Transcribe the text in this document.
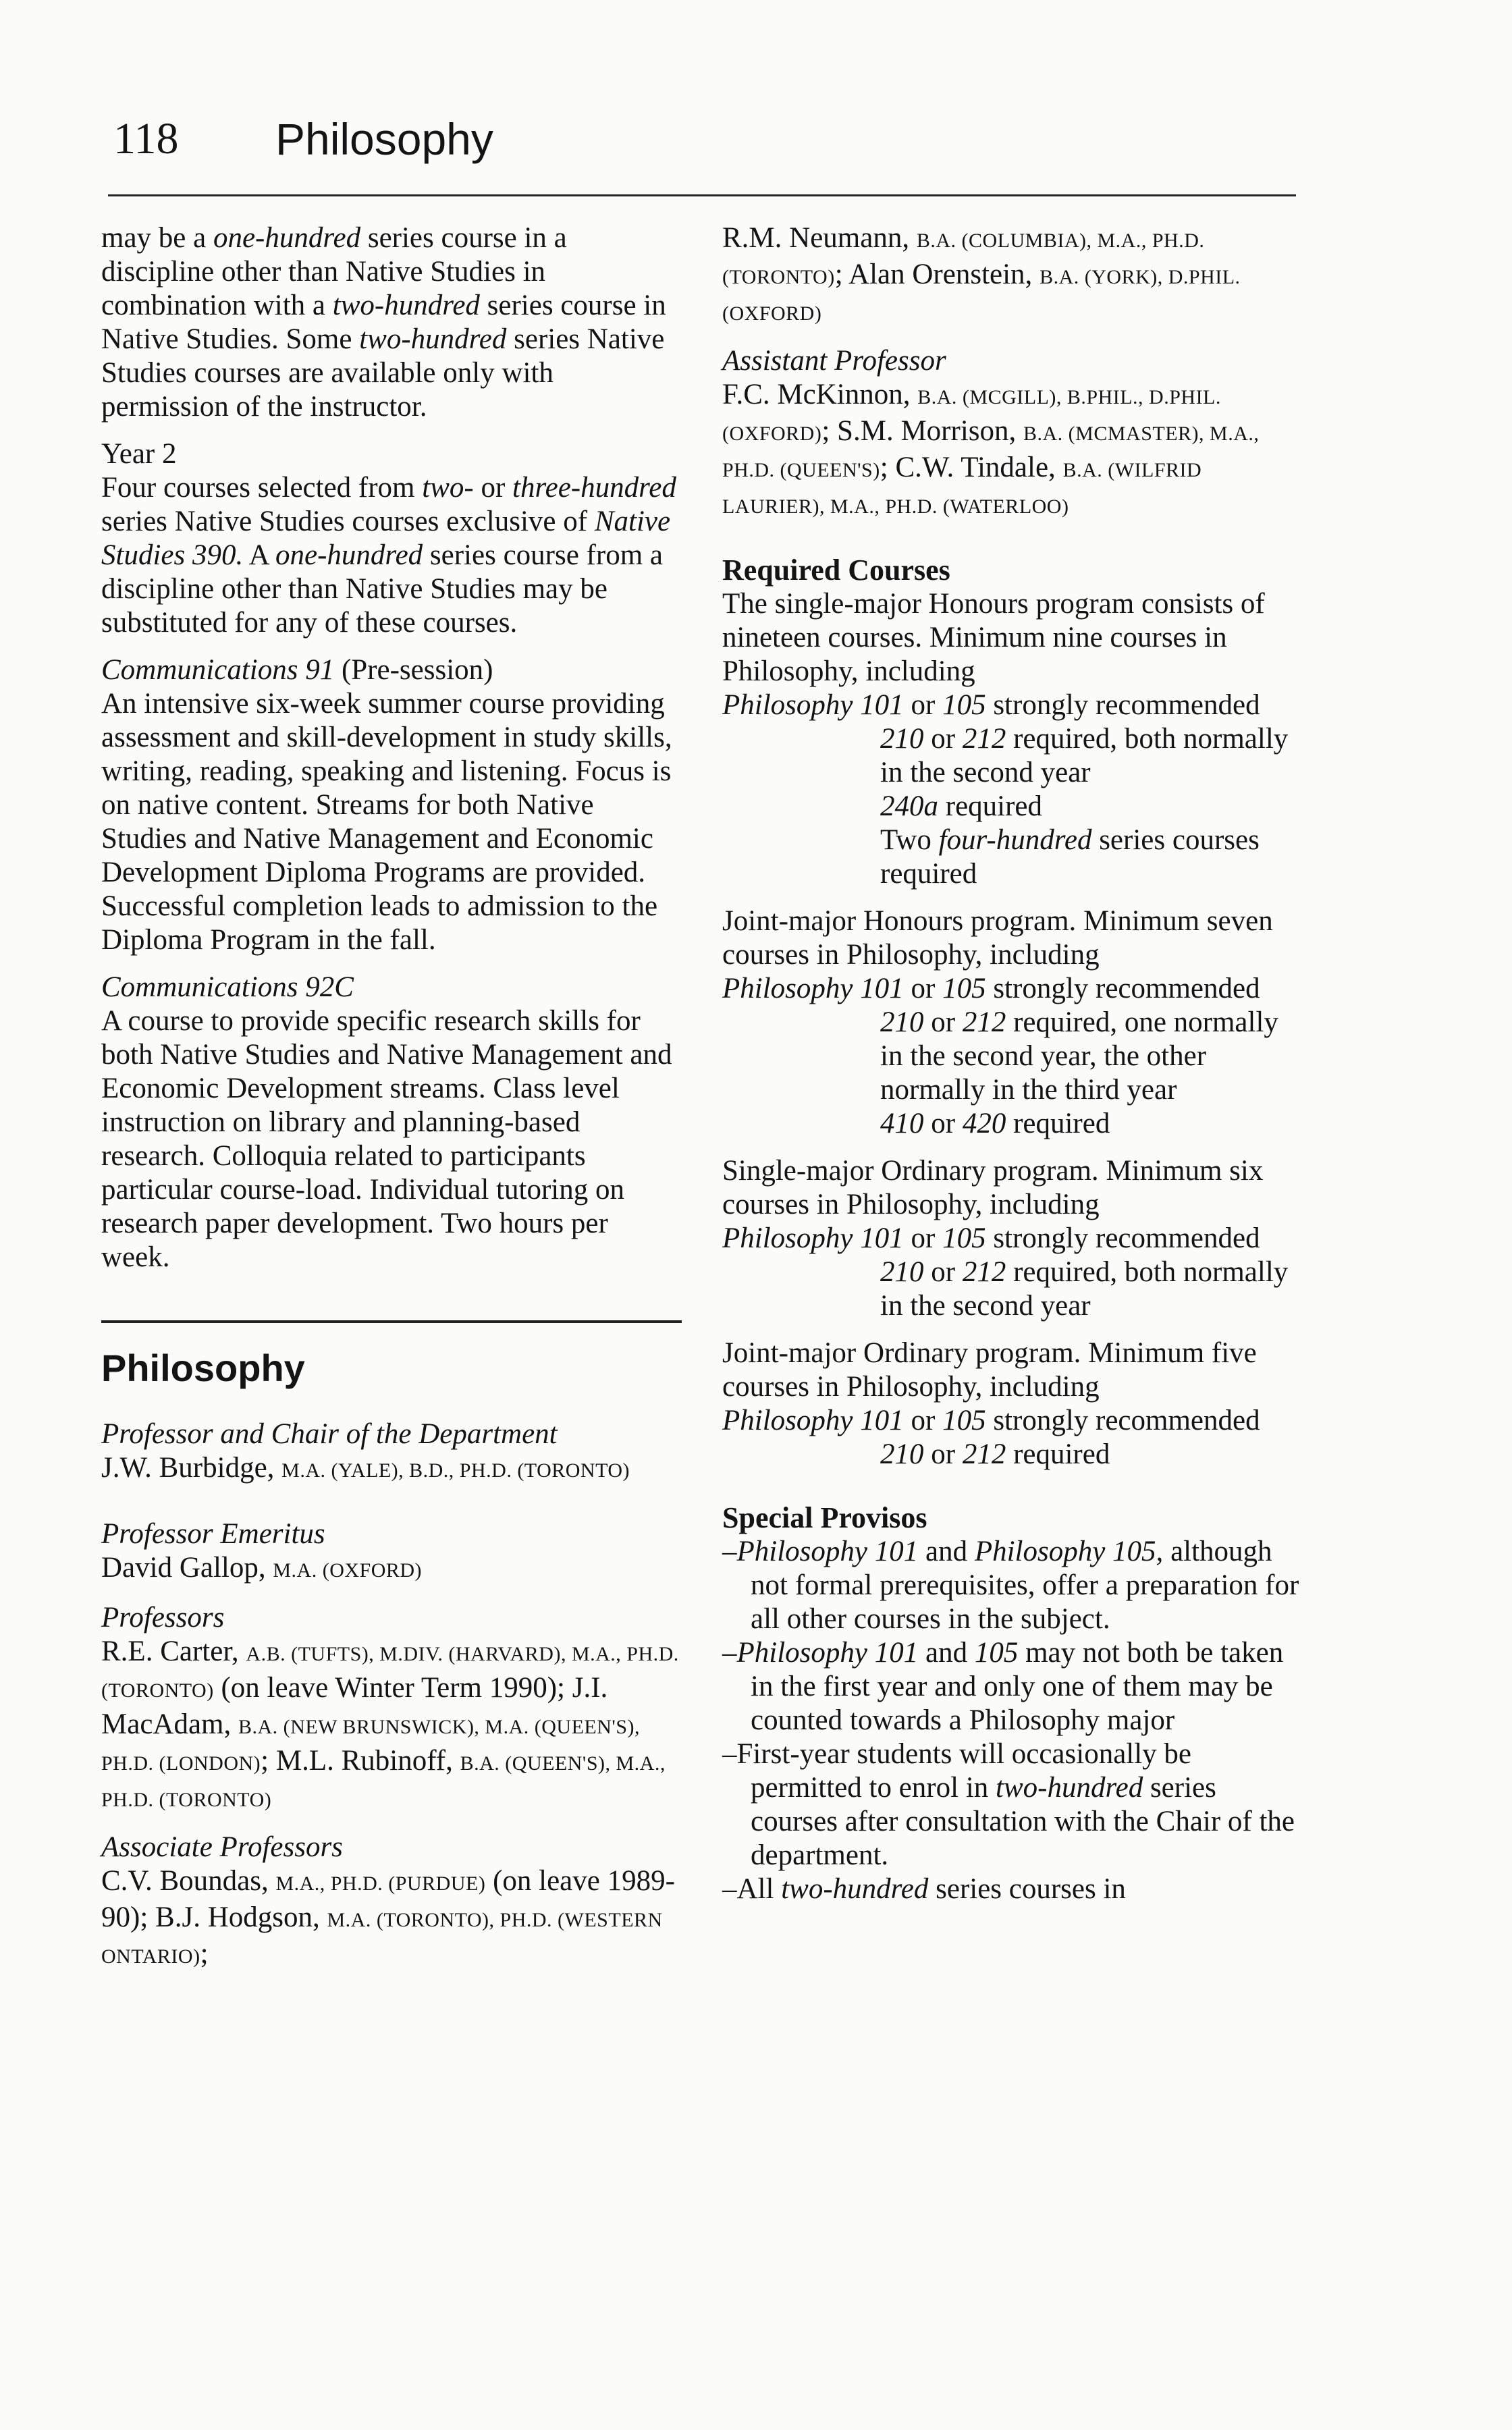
118 Philosophy

may be a one-hundred series course in a discipline other than Native Studies in combination with a two-hundred series course in Native Studies. Some two-hundred series Native Studies courses are available only with permission of the instructor.

Year 2

Four courses selected from two- or three-hundred series Native Studies courses exclusive of Native Studies 390. A one-hundred series course from a discipline other than Native Studies may be substituted for any of these courses.

Communications 91 (Pre-session)

An intensive six-week summer course providing assessment and skill-development in study skills, writing, reading, speaking and listening. Focus is on native content. Streams for both Native Studies and Native Management and Economic Development Diploma Programs are provided. Successful completion leads to admission to the Diploma Program in the fall.

Communications 92C

A course to provide specific research skills for both Native Studies and Native Management and Economic Development streams. Class level instruction on library and planning-based research. Colloquia related to participants particular course-load. Individual tutoring on research paper development. Two hours per week.

Philosophy

Professor and Chair of the Department

J.W. Burbidge, M.A. (YALE), B.D., PH.D. (TORONTO)

Professor Emeritus

David Gallop, M.A. (OXFORD)

Professors

R.E. Carter, A.B. (TUFTS), M.DIV. (HARVARD), M.A., PH.D. (TORONTO) (on leave Winter Term 1990); J.I. MacAdam, B.A. (NEW BRUNSWICK), M.A. (QUEEN'S), PH.D. (LONDON); M.L. Rubinoff, B.A. (QUEEN'S), M.A., PH.D. (TORONTO)

Associate Professors

C.V. Boundas, M.A., PH.D. (PURDUE) (on leave 1989-90); B.J. Hodgson, M.A. (TORONTO), PH.D. (WESTERN ONTARIO);

R.M. Neumann, B.A. (COLUMBIA), M.A., PH.D. (TORONTO); Alan Orenstein, B.A. (YORK), D.PHIL. (OXFORD)

Assistant Professor

F.C. McKinnon, B.A. (MCGILL), B.PHIL., D.PHIL. (OXFORD); S.M. Morrison, B.A. (MCMASTER), M.A., PH.D. (QUEEN'S); C.W. Tindale, B.A. (WILFRID LAURIER), M.A., PH.D. (WATERLOO)

Required Courses

The single-major Honours program consists of nineteen courses. Minimum nine courses in Philosophy, including

Philosophy 101 or 105 strongly recommended

210 or 212 required, both normally in the second year

240a required

Two four-hundred series courses required

Joint-major Honours program. Minimum seven courses in Philosophy, including

Philosophy 101 or 105 strongly recommended

210 or 212 required, one normally in the second year, the other normally in the third year

410 or 420 required

Single-major Ordinary program. Minimum six courses in Philosophy, including

Philosophy 101 or 105 strongly recommended

210 or 212 required, both normally in the second year

Joint-major Ordinary program. Minimum five courses in Philosophy, including

Philosophy 101 or 105 strongly recommended

210 or 212 required

Special Provisos

–Philosophy 101 and Philosophy 105, although not formal prerequisites, offer a preparation for all other courses in the subject.

–Philosophy 101 and 105 may not both be taken in the first year and only one of them may be counted towards a Philosophy major

–First-year students will occasionally be permitted to enrol in two-hundred series courses after consultation with the Chair of the department.

–All two-hundred series courses in
